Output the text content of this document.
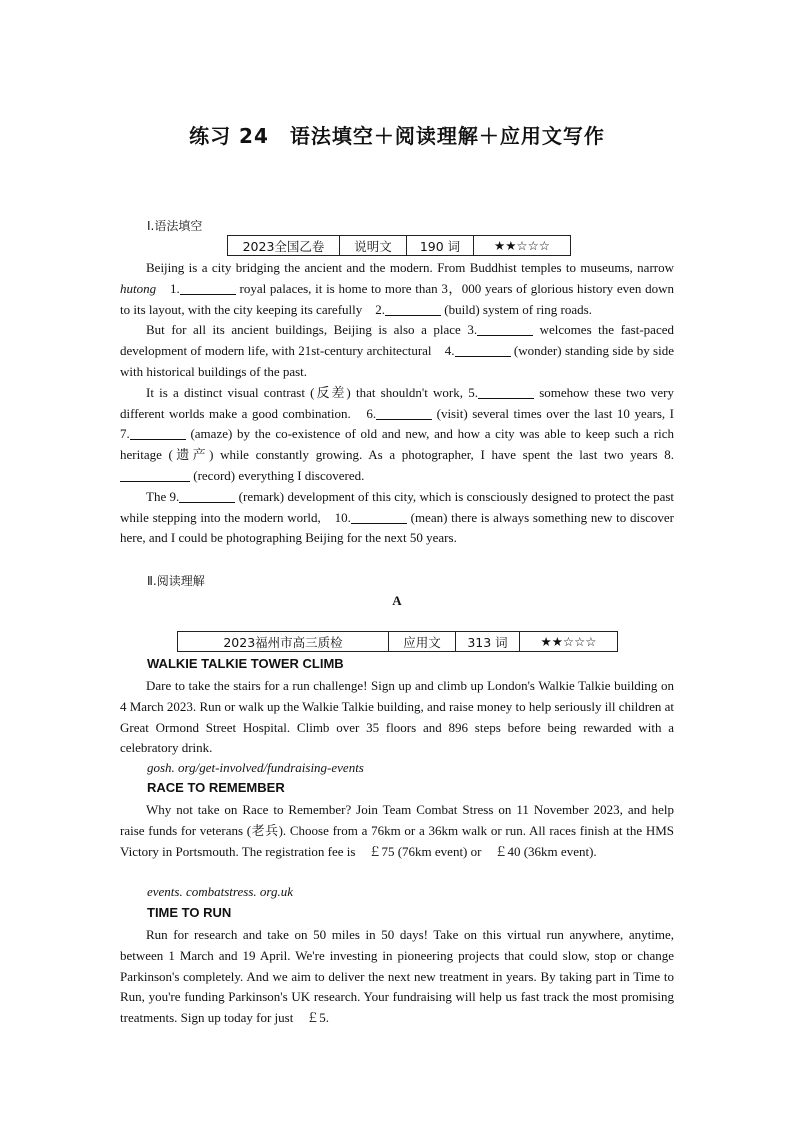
练习 24　语法填空＋阅读理解＋应用文写作
Ⅰ.语法填空
2023全国乙卷	说明文	190 词	★★☆☆☆

Beijing is a city bridging the ancient and the modern. From Buddhist temples to museums, narrow hutong　1.	royal palaces, it is home to more than 3，000 years of glorious history even down to its layout, with the city keeping its carefully　2.	(build) system of ring roads.

But for all its ancient buildings, Beijing is also a place 3.	welcomes the fast-paced development of modern life, with 21st-century architectural　4.	(wonder) standing side by side with historical buildings of the past.

It is a distinct visual contrast (反差) that shouldn't work, 5.	somehow these two very different worlds make a good combination.　6.	(visit) several times over the last 10 years, I　7.	(amaze) by the co-existence of old and new, and how a city was able to keep such a rich heritage (遗产) while constantly growing. As a photographer, I have spent the last two years 8. (record) everything I discovered.

The 9.	(remark) development of this city, which is consciously designed to protect the past while stepping into the modern world,　10.	(mean) there is always something new to discover here, and I could be photographing Beijing for the next 50 years.

Ⅱ.阅读理解
A
2023福州市高三质检	应用文	313 词	★★☆☆☆
WALKIE TALKIE TOWER CLIMB

Dare to take the stairs for a run challenge! Sign up and climb up London's Walkie Talkie building on 4 March 2023. Run or walk up the Walkie Talkie building, and raise money to help seriously ill children at Great Ormond Street Hospital. Climb over 35 floors and 896 steps before being rewarded with a celebratory drink.

gosh. org/get-involved/fundraising-events
RACE TO REMEMBER

Why not take on Race to Remember? Join Team Combat Stress on 11 November 2023, and help raise funds for veterans (老兵). Choose from a 76km or a 36km walk or run. All races finish at the HMS Victory in Portsmouth. The registration fee is　￡75 (76km event) or　￡40 (36km event).

events. combatstress. org.uk
TIME TO RUN

Run for research and take on 50 miles in 50 days! Take on this virtual run anywhere, anytime, between 1 March and 19 April. We're investing in pioneering projects that could slow, stop or change Parkinson's completely. And we aim to deliver the next new treatment in years. By taking part in Time to Run, you're funding Parkinson's UK research. Your fundraising will help us fast track the most promising treatments. Sign up today for just　￡5.
